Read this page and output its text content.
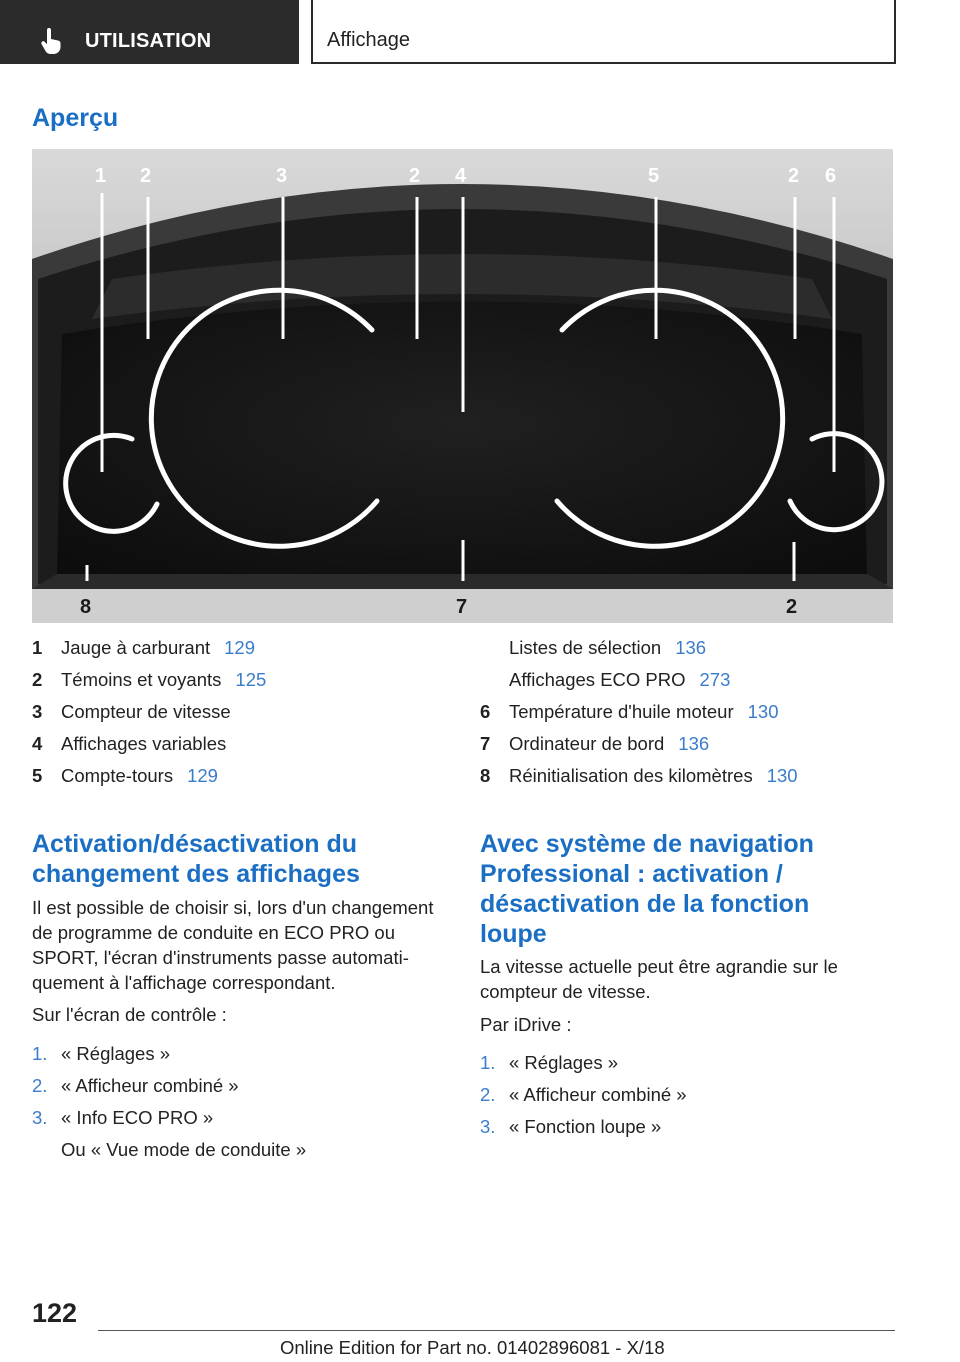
UTILISATION	Affichage
Aperçu
1 2	3	2 4	5	2 6
8	7	2
1 Jauge à carburant 129
2 Témoins et voyants 125
3 Compteur de vitesse
4 Affichages variables
5 Compte-tours 129
Listes de sélection 136
Affichages ECO PRO 273
6 Température d'huile moteur 130
7 Ordinateur de bord 136
8 Réinitialisation des kilomètres 130
Activation/désactivation du
changement des affichages
Il est possible de choisir si, lors d'un changement
de programme de conduite en ECO PRO ou
SPORT, l'écran d'instruments passe automati-
quement à l'affichage correspondant.
Sur l'écran de contrôle :
1. « Réglages »
2. « Afficheur combiné »
3. « Info ECO PRO »
Ou « Vue mode de conduite »
Avec système de navigation
Professional : activation /
désactivation de la fonction
loupe
La vitesse actuelle peut être agrandie sur le
compteur de vitesse.
Par iDrive :
1. « Réglages »
2. « Afficheur combiné »
3. « Fonction loupe »
122
Online Edition for Part no. 01402896081 - X/18
